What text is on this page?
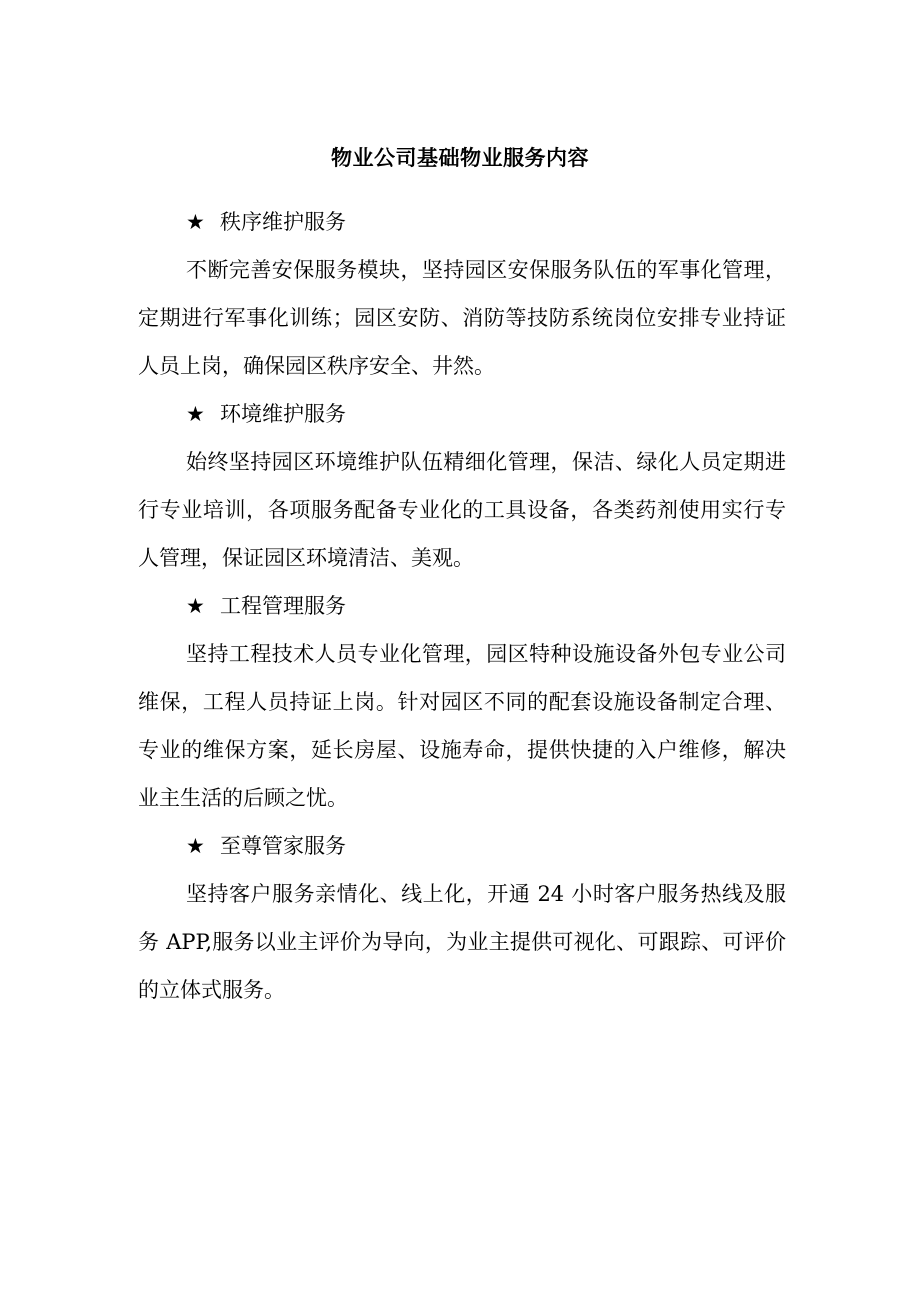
物业公司基础物业服务内容
★ 秩序维护服务

不断完善安保服务模块，坚持园区安保服务队伍的军事化管理，定期进行军事化训练；园区安防、消防等技防系统岗位安排专业持证人员上岗，确保园区秩序安全、井然。

★ 环境维护服务

始终坚持园区环境维护队伍精细化管理，保洁、绿化人员定期进行专业培训，各项服务配备专业化的工具设备，各类药剂使用实行专人管理，保证园区环境清洁、美观。

★ 工程管理服务

坚持工程技术人员专业化管理，园区特种设施设备外包专业公司维保，工程人员持证上岗。针对园区不同的配套设施设备制定合理、专业的维保方案，延长房屋、设施寿命，提供快捷的入户维修，解决业主生活的后顾之忧。

★ 至尊管家服务

坚持客户服务亲情化、线上化，开通 24 小时客户服务热线及服务 APP,服务以业主评价为导向，为业主提供可视化、可跟踪、可评价的立体式服务。
